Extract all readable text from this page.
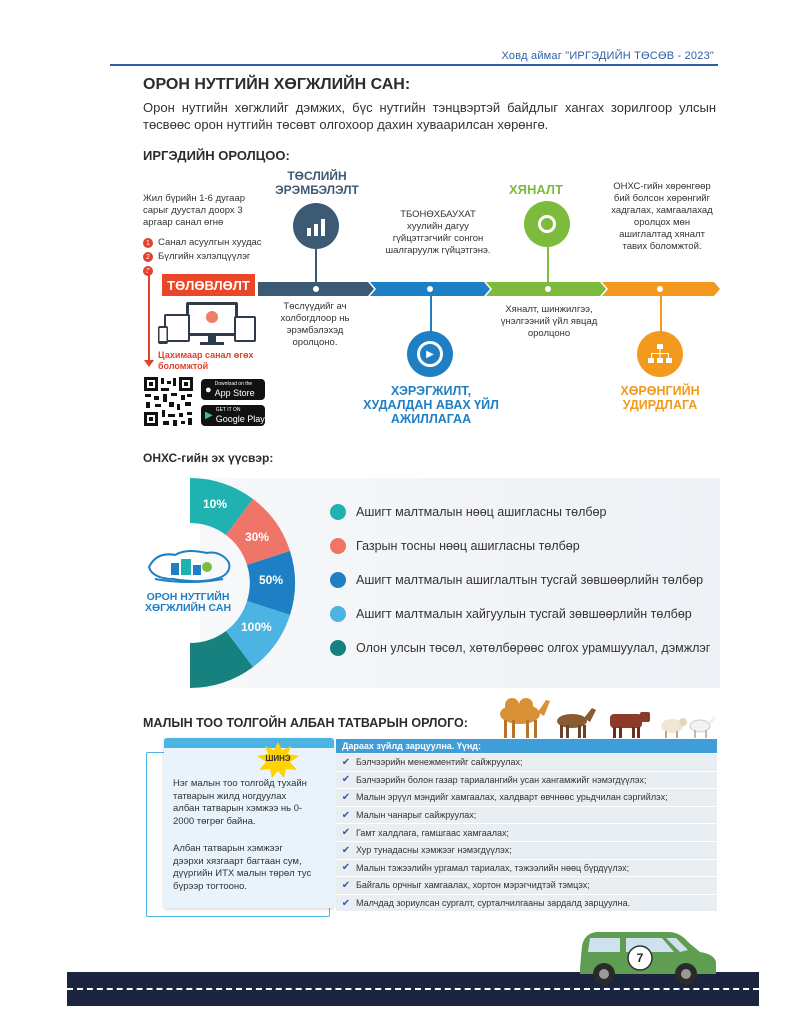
Ховд аймаг "ИРГЭДИЙН ТӨСӨВ - 2023"
ОРОН НУТГИЙН ХӨГЖЛИЙН САН:
Орон нутгийн хөгжлийг дэмжих, бүс нутгийн тэнцвэртэй байдлыг хангах зорилгоор улсын төсвөөс орон нутгийн төсөвт олгохоор дахин хуваарилсан хөрөнгө.
ИРГЭДИЙН ОРОЛЦОО:
Жил бүрийн 1-6 дугаар сарыг дуустал доорх 3 аргаар санал өгнө
1 Санал асуулгын хуудас
2 Бүлгийн хэлэлцүүлэг
ТӨЛӨВЛӨЛТ
Цахимаар санал өгөх боломжтой
● Download on the
App Store
▶ GET IT ON
Google Play
ТӨСЛИЙН ЭРЭМБЭЛЭЛТ
Төслүүдийг ач холбогдлоор нь эрэмбэлэхэд оролцоно.
ТБОНӨХБАУХАТ хуулийн дагуу гүйцэтгэгчийг сонгон шалгаруулж гүйцэтгэнэ.
▶
ХЭРЭГЖИЛТ, ХУДАЛДАН АВАХ ҮЙЛ АЖИЛЛАГАА
ХЯНАЛТ
Хяналт, шинжилгээ, үнэлгээний үйл явцад оролцоно
ОНХС-гийн хөрөнгөөр бий болсон хөрөнгийг хадгалах, хамгаалахад оролцох мөн ашиглалтад хяналт тавих боломжтой.
ХӨРӨНГИЙН УДИРДЛАГА
ОНХС-гийн эх үүсвэр:
10%
30%
50%
100%
ОРОН НУТГИЙН ХӨГЖЛИЙН САН
Ашигт малтмалын нөөц ашигласны төлбөр
Газрын тосны нөөц ашигласны төлбөр
Ашигт малтмалын ашиглалтын тусгай зөвшөөрлийн төлбөр
Ашигт малтмалын хайгуулын тусгай зөвшөөрлийн төлбөр
Олон улсын төсөл, хөтөлбөрөөс олгох урамшуулал, дэмжлэг
МАЛЫН ТОО ТОЛГОЙН АЛБАН ТАТВАРЫН ОРЛОГО:
ШИНЭ
Нэг малын тоо толгойд тухайн татварын жилд ногдуулах албан татварын хэмжээ нь 0-2000 төгрөг байна.
Албан татварын хэмжээг дээрхи хязгаарт багтаан сум, дүүргийн ИТХ малын төрөл тус бүрээр тогтооно.
Дараах зүйлд зарцуулна. Үүнд:
✔ Бэлчээрийн менежментийг сайжруулах;
✔ Бэлчээрийн болон газар тариалангийн усан хангамжийг нэмэгдүүлэх;
✔ Малын эрүүл мэндийг хамгаалах, халдварт өвчнөөс урьдчилан сэргийлэх;
✔ Малын чанарыг сайжруулах;
✔ Гамт халдлага, гамшгаас хамгаалах;
✔ Хур тунадасны хэмжээг нэмэгдүүлэх;
✔ Малын тэжээлийн ургамал тариалах, тэжээлийн нөөц бүрдүүлэх;
✔ Байгаль орчныг хамгаалах, хортон мэрэгчидтэй тэмцэх;
✔ Малчдад зориулсан сургалт, сурталчилгааны зардалд зарцуулна.
7
